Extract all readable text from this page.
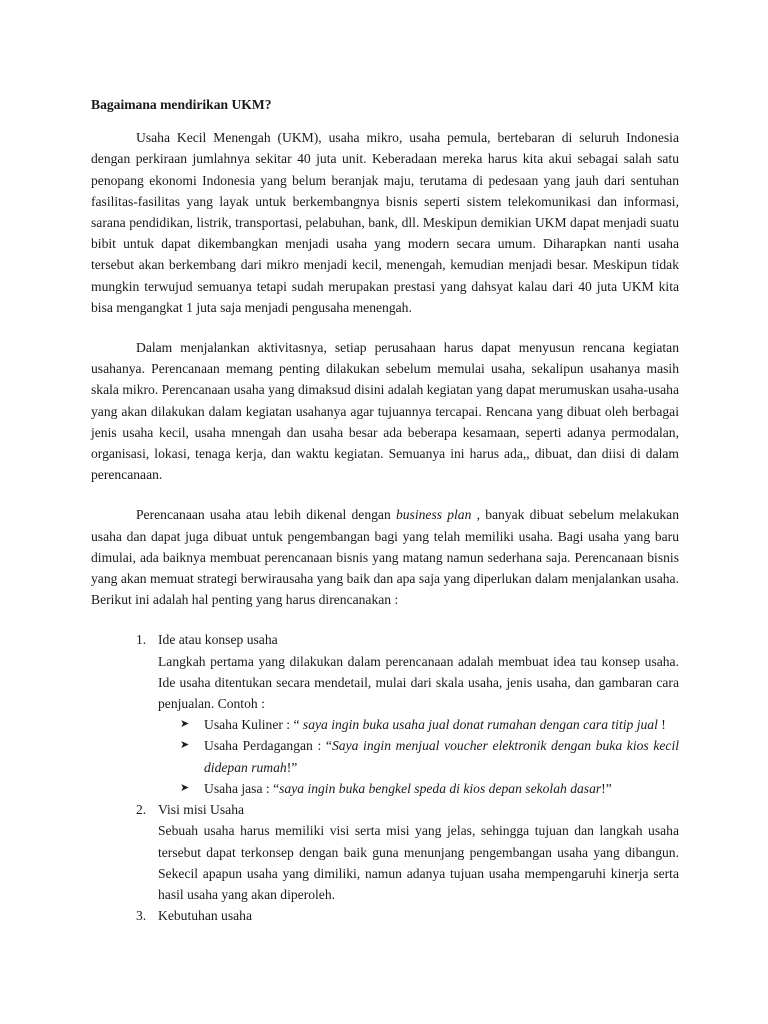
Bagaimana mendirikan UKM?

Usaha Kecil Menengah (UKM), usaha mikro, usaha pemula, bertebaran di seluruh Indonesia dengan perkiraan jumlahnya sekitar 40 juta unit. Keberadaan mereka harus kita akui sebagai salah satu penopang ekonomi Indonesia yang belum beranjak maju, terutama di pedesaan yang jauh dari sentuhan fasilitas-fasilitas yang layak untuk berkembangnya bisnis seperti sistem telekomunikasi dan informasi, sarana pendidikan, listrik, transportasi, pelabuhan, bank, dll. Meskipun demikian UKM dapat menjadi suatu bibit untuk dapat dikembangkan menjadi usaha yang modern secara umum. Diharapkan nanti usaha tersebut akan berkembang dari mikro menjadi kecil, menengah, kemudian menjadi besar. Meskipun tidak mungkin terwujud semuanya tetapi sudah merupakan prestasi yang dahsyat kalau dari 40 juta UKM kita bisa mengangkat 1 juta saja menjadi pengusaha menengah.

Dalam menjalankan aktivitasnya, setiap perusahaan harus dapat menyusun rencana kegiatan usahanya. Perencanaan memang penting dilakukan sebelum memulai usaha, sekalipun usahanya masih skala mikro. Perencanaan usaha yang dimaksud disini adalah kegiatan yang dapat merumuskan usaha-usaha yang akan dilakukan dalam kegiatan usahanya agar tujuannya tercapai. Rencana yang dibuat oleh berbagai jenis usaha kecil, usaha mnengah dan usaha besar ada beberapa kesamaan, seperti adanya permodalan, organisasi, lokasi, tenaga kerja, dan waktu kegiatan. Semuanya ini harus ada,, dibuat, dan diisi di dalam perencanaan.

Perencanaan usaha atau lebih dikenal dengan business plan , banyak dibuat sebelum melakukan usaha dan dapat juga dibuat untuk pengembangan bagi yang telah memiliki usaha. Bagi usaha yang baru dimulai, ada baiknya membuat perencanaan bisnis yang matang namun sederhana saja. Perencanaan bisnis yang akan memuat strategi berwirausaha yang baik dan apa saja yang diperlukan dalam menjalankan usaha. Berikut ini adalah hal penting yang harus direncanakan :

1. Ide atau konsep usaha
Langkah pertama yang dilakukan dalam perencanaan adalah membuat idea tau konsep usaha. Ide usaha ditentukan secara mendetail, mulai dari skala usaha, jenis usaha, dan gambaran cara penjualan. Contoh :
➤ Usaha Kuliner : “ saya ingin buka usaha jual donat rumahan dengan cara titip jual !
➤ Usaha Perdagangan : “Saya ingin menjual voucher elektronik dengan buka kios kecil didepan rumah!”
➤ Usaha jasa : “saya ingin buka bengkel speda di kios depan sekolah dasar!”
2. Visi misi Usaha
Sebuah usaha harus memiliki visi serta misi yang jelas, sehingga tujuan dan langkah usaha tersebut dapat terkonsep dengan baik guna menunjang pengembangan usaha yang dibangun. Sekecil apapun usaha yang dimiliki, namun adanya tujuan usaha mempengaruhi kinerja serta hasil usaha yang akan diperoleh.
3. Kebutuhan usaha
